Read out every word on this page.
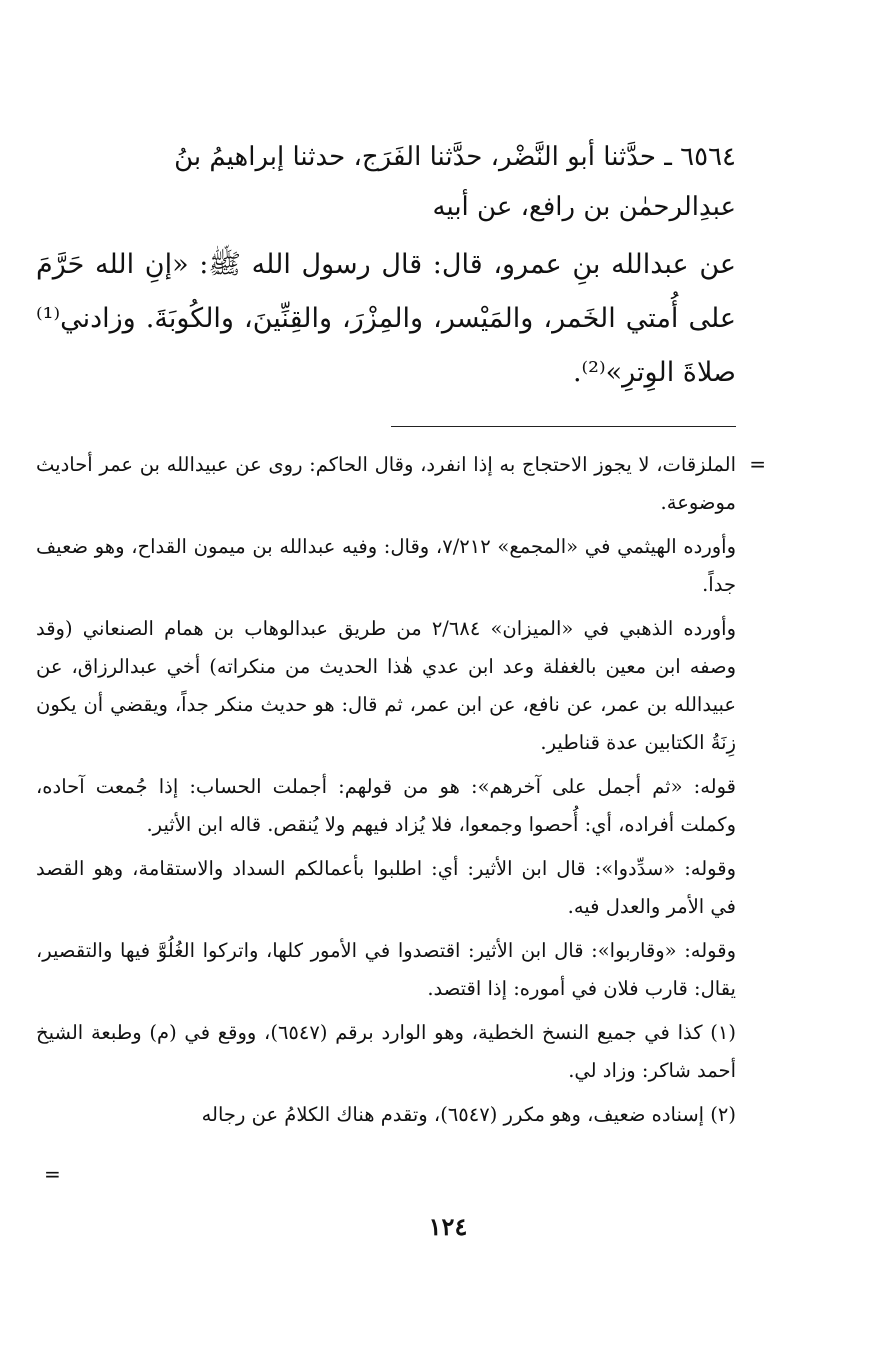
٦٥٦٤ ـ حدَّثنا أبو النَّضْر، حدَّثنا الفَرَج، حدثنا إبراهيمُ بنُ
عبدِالرحمٰن بن رافع، عن أبيه

عن عبدالله بنِ عمرو، قال: قال رسول الله ﷺ: «إنِ الله حَرَّمَ على أُمتي الخَمر، والمَيْسر، والمِزْرَ، والقِنِّينَ، والكُوبَةَ. وزادني⁽¹⁾ صلاةَ الوِترِ»⁽²⁾.

=

الملزقات، لا يجوز الاحتجاج به إذا انفرد، وقال الحاكم: روى عن عبيدالله بن عمر أحاديث موضوعة.

وأورده الهيثمي في «المجمع» ٧/٢١٢، وقال: وفيه عبدالله بن ميمون القداح، وهو ضعيف جداً.

وأورده الذهبي في «الميزان» ٢/٦٨٤ من طريق عبدالوهاب بن همام الصنعاني (وقد وصفه ابن معين بالغفلة وعد ابن عدي هٰذا الحديث من منكراته) أخي عبدالرزاق، عن عبيدالله بن عمر، عن نافع، عن ابن عمر، ثم قال: هو حديث منكر جداً، ويقضي أن يكون زِنَةُ الكتابين عدة قناطير.

قوله: «ثم أجمل على آخرهم»: هو من قولهم: أجملت الحساب: إذا جُمعت آحاده، وكملت أفراده، أي: أُحصوا وجمعوا، فلا يُزاد فيهم ولا يُنقص. قاله ابن الأثير.

وقوله: «سدِّدوا»: قال ابن الأثير: أي: اطلبوا بأعمالكم السداد والاستقامة، وهو القصد في الأمر والعدل فيه.

وقوله: «وقاربوا»: قال ابن الأثير: اقتصدوا في الأمور كلها، واتركوا الغُلُوَّ فيها والتقصير، يقال: قارب فلان في أموره: إذا اقتصد.

(١) كذا في جميع النسخ الخطية، وهو الوارد برقم (٦٥٤٧)، ووقع في (م) وطبعة الشيخ أحمد شاكر: وزاد لي.

(٢) إسناده ضعيف، وهو مكرر (٦٥٤٧)، وتقدم هناك الكلامُ عن رجاله

=
١٢٤
